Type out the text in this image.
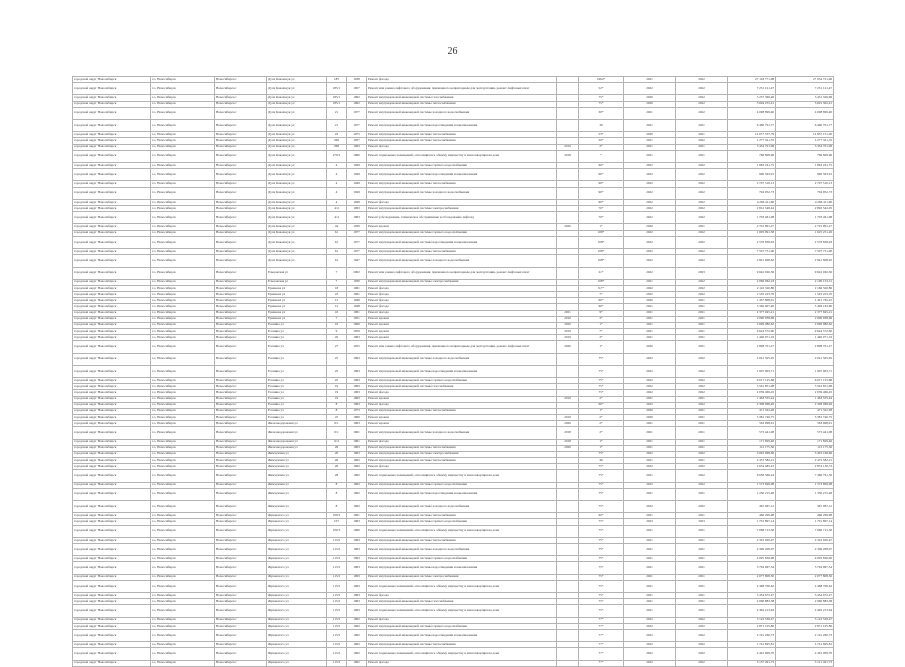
26
городской округ Новосибирск	г.о. Новосибирск	Новосибирск г	Дуси Ковальчук ул	185	1938	Ремонт фасада		1964*	2021	2022	27 118 771,08	27 054 721,06
городской округ Новосибирск	г.о. Новосибирск	Новосибирск г	Дуси Ковальчук ул	185/1	1957	Ремонт или замена лифтового оборудования, признанного непригодным для эксплуатации, ремонт лифтовых шахт		52*	2022	2022	7 231 121,47	7 231 121,47
городской округ Новосибирск	г.о. Новосибирск	Новосибирск г	Дуси Ковальчук ул	185/1	1962	Ремонт внутридомовой инженерной системы газоснабжения		75*	2020	2022	3 257 369,46	3 431 329,06
городской округ Новосибирск	г.о. Новосибирск	Новосибирск г	Дуси Ковальчук ул	185/1	1962	Ремонт внутридомовой инженерной системы теплоснабжения		75*	2020	2022	3 604 255,41	3 691 302,41
городской округ Новосибирск	г.о. Новосибирск	Новосибирск г	Дуси Ковальчук ул	21	1977	Ремонт внутридомовой инженерной системы холодного водоснабжения		30*	2021	2022	4 008 899,40	4 008 899,40
городской округ Новосибирск	г.о. Новосибирск	Новосибирск г	Дуси Ковальчук ул	21	1977	Ремонт внутридомовой инженерной системы водоотведения и канализования		30	2021	2021	6 460 791,77	6 460 791,77
городской округ Новосибирск	г.о. Новосибирск	Новосибирск г	Дуси Ковальчук ул	24	1975	Ремонт внутридомовой инженерной системы теплоснабжения		53*	2020	2021	12 677 537,79	12 837 151,20
городской округ Новосибирск	г.о. Новосибирск	Новосибирск г	Дуси Ковальчук ул	266	1957	Ремонт внутридомовой инженерной системы теплоснабжения		20*	2021	2022	1 277 321,55	1 277 321,55
городской округ Новосибирск	г.о. Новосибирск	Новосибирск г	Дуси Ковальчук ул	268	1963	Ремонт фасада	2019	2*	2021	2021	3 454 701,09	3 454 701,09
городской округ Новосибирск	г.о. Новосибирск	Новосибирск г	Дуси Ковальчук ул	270/2	1966	Ремонт подвальных помещений, относящихся к общему имуществу в многоквартирном доме	2018	*	2021	2021	766 609,96	766 609,96
городской округ Новосибирск	г.о. Новосибирск	Новосибирск г	Дуси Ковальчук ул	4	1949	Ремонт внутридомовой инженерной системы горячего водоснабжения		96*	2022	2022	1 863 241,75	1 863 241,75
городской округ Новосибирск	г.о. Новосибирск	Новосибирск г	Дуси Ковальчук ул	4	1949	Ремонт внутридомовой инженерной системы водоотведения и канализования		96*	2022	2022	990 563,91	990 563,91
городской округ Новосибирск	г.о. Новосибирск	Новосибирск г	Дуси Ковальчук ул	4	1949	Ремонт внутридомовой инженерной системы теплоснабжения		96*	2022	2022	2 707 510,13	2 707 510,13
городской округ Новосибирск	г.о. Новосибирск	Новосибирск г	Дуси Ковальчук ул	4	1949	Ремонт внутридомовой инженерной системы холодного водоснабжения		96*	2022	2022	704 952,73	704 952,73
городской округ Новосибирск	г.о. Новосибирск	Новосибирск г	Дуси Ковальчук ул	4	1949	Ремонт фасада		96*	2022	2022	4 266 411,90	4 266 411,90
городской округ Новосибирск	г.о. Новосибирск	Новосибирск г	Дуси Ковальчук ул	4/4	1963	Ремонт внутридомовой инженерной системы электроснабжения		70*	2022	2022	2 812 548,44	2 892 542,05
городской округ Новосибирск	г.о. Новосибирск	Новосибирск г	Дуси Ковальчук ул	4/4	1963	Ремонт (обследование, техническое обслуживание и обследование лифтов)		70*	2022	2022	1 703 461,08	1 703 461,08
городской округ Новосибирск	г.о. Новосибирск	Новосибирск г	Дуси Ковальчук ул	44	1930	Ремонт кровли	2020	1*	2020	2021	2 701 991,27	2 701 991,27
городской округ Новосибирск	г.о. Новосибирск	Новосибирск г	Дуси Ковальчук ул	61	1977	Ремонт внутридомовой инженерной системы горячего водоснабжения		108*	2022	2022	1 605 991,58	1 625 251,26
городской округ Новосибирск	г.о. Новосибирск	Новосибирск г	Дуси Ковальчук ул	61	1977	Ремонт внутридомовой инженерной системы водоотведения и канализования		108*	2022	2022	2 576 838,93	2 576 838,93
городской округ Новосибирск	г.о. Новосибирск	Новосибирск г	Дуси Ковальчук ул	61	1977	Ремонт внутридомовой инженерной системы теплоснабжения		108*	2022	2022	7 507 751,00	7 507 751,00
городской округ Новосибирск	г.о. Новосибирск	Новосибирск г	Дуси Ковальчук ул	61	1947	Ремонт внутридомовой инженерной системы холодного водоснабжения		108*	2022	2022	2 841 608,62	2 841 608,62
городской округ Новосибирск	г.о. Новосибирск	Новосибирск г	Ельцовская ул	7	2002	Ремонт или замена лифтового оборудования, признанного непригодным для эксплуатации, ремонт лифтовых шахт		21*	2022	2023	9 642 026,36	9 642 026,36
городской округ Новосибирск	г.о. Новосибирск	Новосибирск г	Ельцовская ул	7	1936	Ремонт внутридомовой инженерной системы электроснабжения		108*	2021	2022	2 066 062,23	2 100 153,31
городской округ Новосибирск	г.о. Новосибирск	Новосибирск г	Ермакова ул	18	1961	Ремонт фасада		9,7*	2022	2022	2 116 320,86	2 166 320,86
городской округ Новосибирск	г.о. Новосибирск	Новосибирск г	Ермакова ул	22	1961	Ремонт фасада		7*	2022	2022	1 535 223,70	1 545 223,70
городской округ Новосибирск	г.о. Новосибирск	Новосибирск г	Ермакова ул	12	1948	Ремонт фасада		96*	2020	2021	1 437 808,01	1 421 765,25
городской округ Новосибирск	г.о. Новосибирск	Новосибирск г	Ермакова ул	12	1948	Ремонт фасада		96*	2021	2021	5 340 007,46	5 449 163,60
городской округ Новосибирск	г.о. Новосибирск	Новосибирск г	Ермакова ул	10	1961	Ремонт фасада	2021	9*	2021	2021	2 377 945,21	2 377 945,21
городской округ Новосибирск	г.о. Новосибирск	Новосибирск г	Ермакова ул	7	1951	Ремонт кровли	2019	2*	2021	2021	2 090 938,69	2 090 938,69
городской округ Новосибирск	г.о. Новосибирск	Новосибирск г	Есенина ул	16	1960	Ремонт кровли	2020	1*	2021	2021	2 699 080,62	2 699 080,62
городской округ Новосибирск	г.о. Новосибирск	Новосибирск г	Есенина ул	9	1959	Ремонт кровли	2019	7*	2021	2021	4 624 572,00	4 624 572,00
городской округ Новосибирск	г.о. Новосибирск	Новосибирск г	Есенина ул	45	1963	Ремонт кровли	2019	2*	2021	2021	1 440 071,19	1 440 071,19
городской округ Новосибирск	г.о. Новосибирск	Новосибирск г	Есенина ул	27	1955	Ремонт или замена лифтового оборудования, признанного непригодным для эксплуатации, ремонт лифтовых шахт	2020	1*	2020	2021	2 808 701,27	2 808 701,27
городской округ Новосибирск	г.о. Новосибирск	Новосибирск г	Есенина ул	25	1963	Ремонт внутридомовой инженерной системы холодного водоснабжения		75*	2022	2022	2 041 505,05	2 041 505,05
городской округ Новосибирск	г.о. Новосибирск	Новосибирск г	Есенина ул	25	1963	Ремонт внутридомовой инженерной системы водоотведения и канализования		75*	2022	2022	1 907 003,71	1 907 003,71
городской округ Новосибирск	г.о. Новосибирск	Новосибирск г	Есенина ул	25	1963	Ремонт внутридомовой инженерной системы горячего водоснабжения		75*	2022	2022	6 017 125,68	6 017 125,68
городской округ Новосибирск	г.о. Новосибирск	Новосибирск г	Есенина ул	19	1963	Ремонт внутридомовой инженерной системы газоснабжения		75*	2022	2022	3 561 851,08	3 561 851,08
городской округ Новосибирск	г.о. Новосибирск	Новосибирск г	Есенина ул	19	1963	Ремонт фасада		75*	2022	2022	2 059 469,45	2 059 469,45
городской округ Новосибирск	г.о. Новосибирск	Новосибирск г	Есенина ул	19	1963	Ремонт кровли	2019	2*	2021	2021	1 463 535,44	1 463 535,44
городской округ Новосибирск	г.о. Новосибирск	Новосибирск г	Есенина ул	8	1963	Ремонт фасада		96*	2022	2022	2 308 068,49	2 308 068,49
городской округ Новосибирск	г.о. Новосибирск	Новосибирск г	Есенина ул	8	1973	Ремонт внутридомовой инженерной системы теплоснабжения		1*	2020	2021	471 322,28	471 322,28
городской округ Новосибирск	г.о. Новосибирск	Новосибирск г	Есенина ул	47	1960	Ремонт кровли	2019	2*	2020	2021	3 381 740,75	3 381 740,75
городской округ Новосибирск	г.о. Новосибирск	Новосибирск г	Железнодорожная ул	6/1	1963	Ремонт кровли	2020	2*	2021	2021	563 998,91	563 998,91
городской округ Новосибирск	г.о. Новосибирск	Новосибирск г	Железнодорожная ул	6/1	1961	Ремонт внутридомовой инженерной системы холодного водоснабжения	2018	2*	2021	2021	573 441,08	573 441,08
городской округ Новосибирск	г.о. Новосибирск	Новосибирск г	Железнодорожная ул	6/4	1961	Ремонт фасада	2018	1*	2021	2021	171 829,46	171 829,46
городской округ Новосибирск	г.о. Новосибирск	Новосибирск г	Железнодорожная ул	26	1963	Ремонт внутридомовой инженерной системы теплоснабжения	2020	1*	2021	2021	112 175,56	112 175,56
городской округ Новосибирск	г.о. Новосибирск	Новосибирск г	Жемчужная ул	20	1963	Ремонт внутридомовой инженерной системы электроснабжения		75*	2022	2022	3 092 968,66	3 403 168,66
городской округ Новосибирск	г.о. Новосибирск	Новосибирск г	Жемчужная ул	26	1962	Ремонт внутридомовой инженерной системы теплоснабжения		46	2021	2021	2 472 582,21	2 472 582,21
городской округ Новосибирск	г.о. Новосибирск	Новосибирск г	Жемчужная ул	26	1962	Ремонт фасада		75*	2022	2022	2 654 485,23	2 874 130,73
городской округ Новосибирск	г.о. Новосибирск	Новосибирск г	Жемчужная ул	28	1962	Ремонт подвальных помещений, относящихся к общему имуществу в многоквартирном доме		75*	2021	2022	6 636 566,24	7 466 761,50
городской округ Новосибирск	г.о. Новосибирск	Новосибирск г	Жемчужная ул	8	1962	Ремонт внутридомовой инженерной системы горячего водоснабжения		75*	2022	2022	1 573 699,08	1 573 699,08
городской округ Новосибирск	г.о. Новосибирск	Новосибирск г	Жемчужная ул	8	1962	Ремонт внутридомовой инженерной системы водоотведения и канализования		75*	2021	2021	1 230 215,48	1 330 215,48
городской округ Новосибирск	г.о. Новосибирск	Новосибирск г	Жемчужная ул	8	1962	Ремонт внутридомовой инженерной системы холодного водоснабжения		75*	2022	2022	467 067,12	467 067,12
городской округ Новосибирск	г.о. Новосибирск	Новосибирск г	Жуковского ул	100/2	1961	Ремонт внутридомовой инженерной системы теплоснабжения		60*	2021	2021	466 299,08	466 299,08
городской округ Новосибирск	г.о. Новосибирск	Новосибирск г	Жуковского ул	107	1963	Ремонт внутридомовой инженерной системы горячего водоснабжения		75*	2023	2023	1 701 897,14	1 701 897,14
городской округ Новосибирск	г.о. Новосибирск	Новосибирск г	Жуковского ул	100/3	1960	Ремонт подвальных помещений, относящихся к общему имуществу в многоквартирном доме		75*	2021	2021	7 068 713,36	7 066 713,36
городской округ Новосибирск	г.о. Новосибирск	Новосибирск г	Жуковского ул	115/2	1963	Ремонт внутридомовой инженерной системы теплоснабжения		75*	2021	2021	2 322 020,47	2 322 020,47
городской округ Новосибирск	г.о. Новосибирск	Новосибирск г	Жуковского ул	115/2	1963	Ремонт внутридомовой инженерной системы холодного водоснабжения		75*	2021	2021	2 306 208,07	2 306 208,07
городской округ Новосибирск	г.о. Новосибирск	Новосибирск г	Жуковского ул	115/2	1963	Ремонт внутридомовой инженерной системы горячего водоснабжения		75*	2021	2021	4 095 836,06	4 095 836,06
городской округ Новосибирск	г.о. Новосибирск	Новосибирск г	Жуковского ул	115/2	1963	Ремонт внутридомовой инженерной системы водоотведения и канализования		75*	2021	2021	3 763 097,54	3 763 097,54
городской округ Новосибирск	г.о. Новосибирск	Новосибирск г	Жуковского ул	115/2	1963	Ремонт внутридомовой инженерной системы электроснабжения		75*	2021	2021	2 077 808,50	2 077 808,50
городской округ Новосибирск	г.о. Новосибирск	Новосибирск г	Жуковского ул	115/2	1963	Ремонт подвальных помещений, относящихся к общему имуществу в многоквартирном доме		75*	2021	2021	2 468 706,62	2 468 706,62
городской округ Новосибирск	г.о. Новосибирск	Новосибирск г	Жуковского ул	115/2	1963	Ремонт фасада		75*	2021	2021	3 454 672,27	3 454 672,27
городской округ Новосибирск	г.о. Новосибирск	Новосибирск г	Жуковского ул	115/2	1963	Ремонт внутридомовой инженерной системы газоснабжения		75*	2021	2021	2 060 883,38	2 060 883,38
городской округ Новосибирск	г.о. Новосибирск	Новосибирск г	Жуковского ул	115/2	1963	Ремонт подвальных помещений, относящихся к общему имуществу в многоквартирном доме		75*	2021	2021	2 492 213,94	2 492 213,94
городской округ Новосибирск	г.о. Новосибирск	Новосибирск г	Жуковского ул	115/2	1962	Ремонт фасада		77*	2022	2022	3 122 539,47	3 122 539,47
городской округ Новосибирск	г.о. Новосибирск	Новосибирск г	Жуковского ул	115/2	1962	Ремонт внутридомовой инженерной системы горячего водоснабжения		77*	2022	2022	2 871 105,80	2 871 105,80
городской округ Новосибирск	г.о. Новосибирск	Новосибирск г	Жуковского ул	115/2	1962	Ремонт внутридомовой инженерной системы водоотведения и канализования		77*	2022	2022	2 191 260,73	2 191 260,73
городской округ Новосибирск	г.о. Новосибирск	Новосибирск г	Жуковского ул	115/2	1962	Ремонт внутридомовой инженерной системы теплоснабжения		77*	2022	2022	1 741 695,81	1 741 695,81
городской округ Новосибирск	г.о. Новосибирск	Новосибирск г	Жуковского ул	115/2	1962	Ремонт подвальных помещений, относящихся к общему имуществу в многоквартирном доме		77*	2022	2022	2 461 009,70	2 461 009,70
городской округ Новосибирск	г.о. Новосибирск	Новосибирск г	Жуковского ул	115/2	1962	Ремонт фасада		77*	2022	2022	3 137 491,73	3 121 491,73
